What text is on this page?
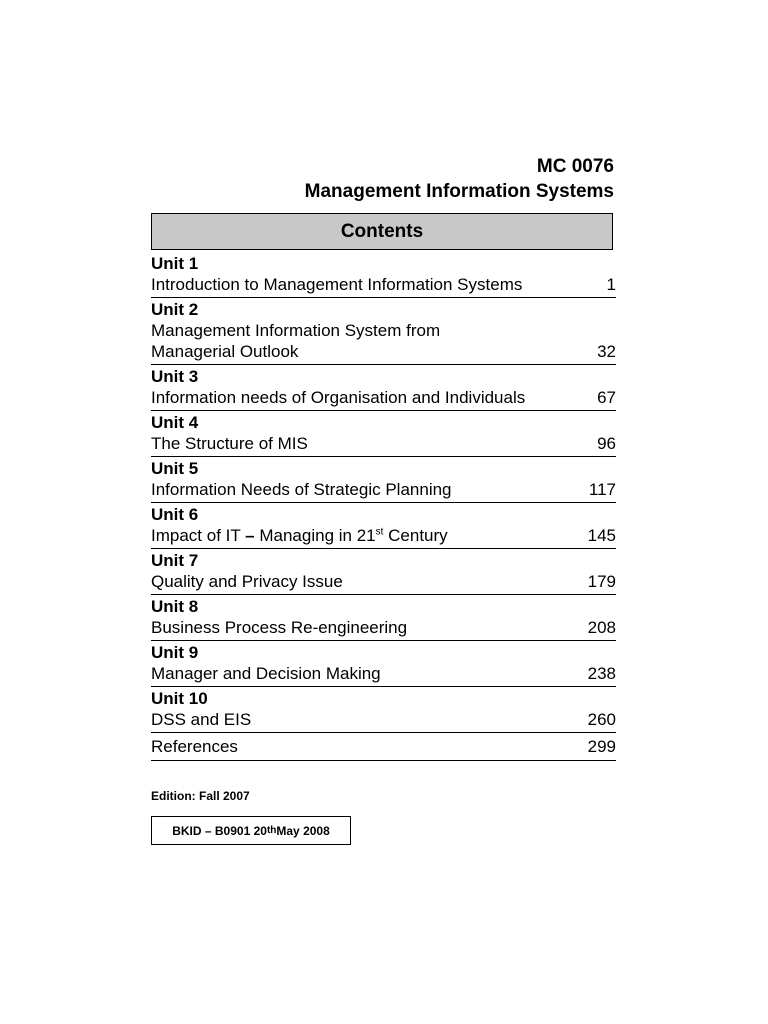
MC 0076
Management Information Systems
Contents
Unit 1
Introduction to Management Information Systems	1
Unit 2
Management Information System from
Managerial Outlook	32
Unit 3
Information needs of Organisation and Individuals	67
Unit 4
The Structure of MIS	96
Unit 5
Information Needs of Strategic Planning	117
Unit 6
Impact of IT – Managing in 21st Century	145
Unit 7
Quality and Privacy Issue	179
Unit 8
Business Process Re-engineering	208
Unit 9
Manager and Decision Making	238
Unit 10
DSS and EIS	260
References	299
Edition: Fall 2007
BKID – B0901 20 th May 2008
